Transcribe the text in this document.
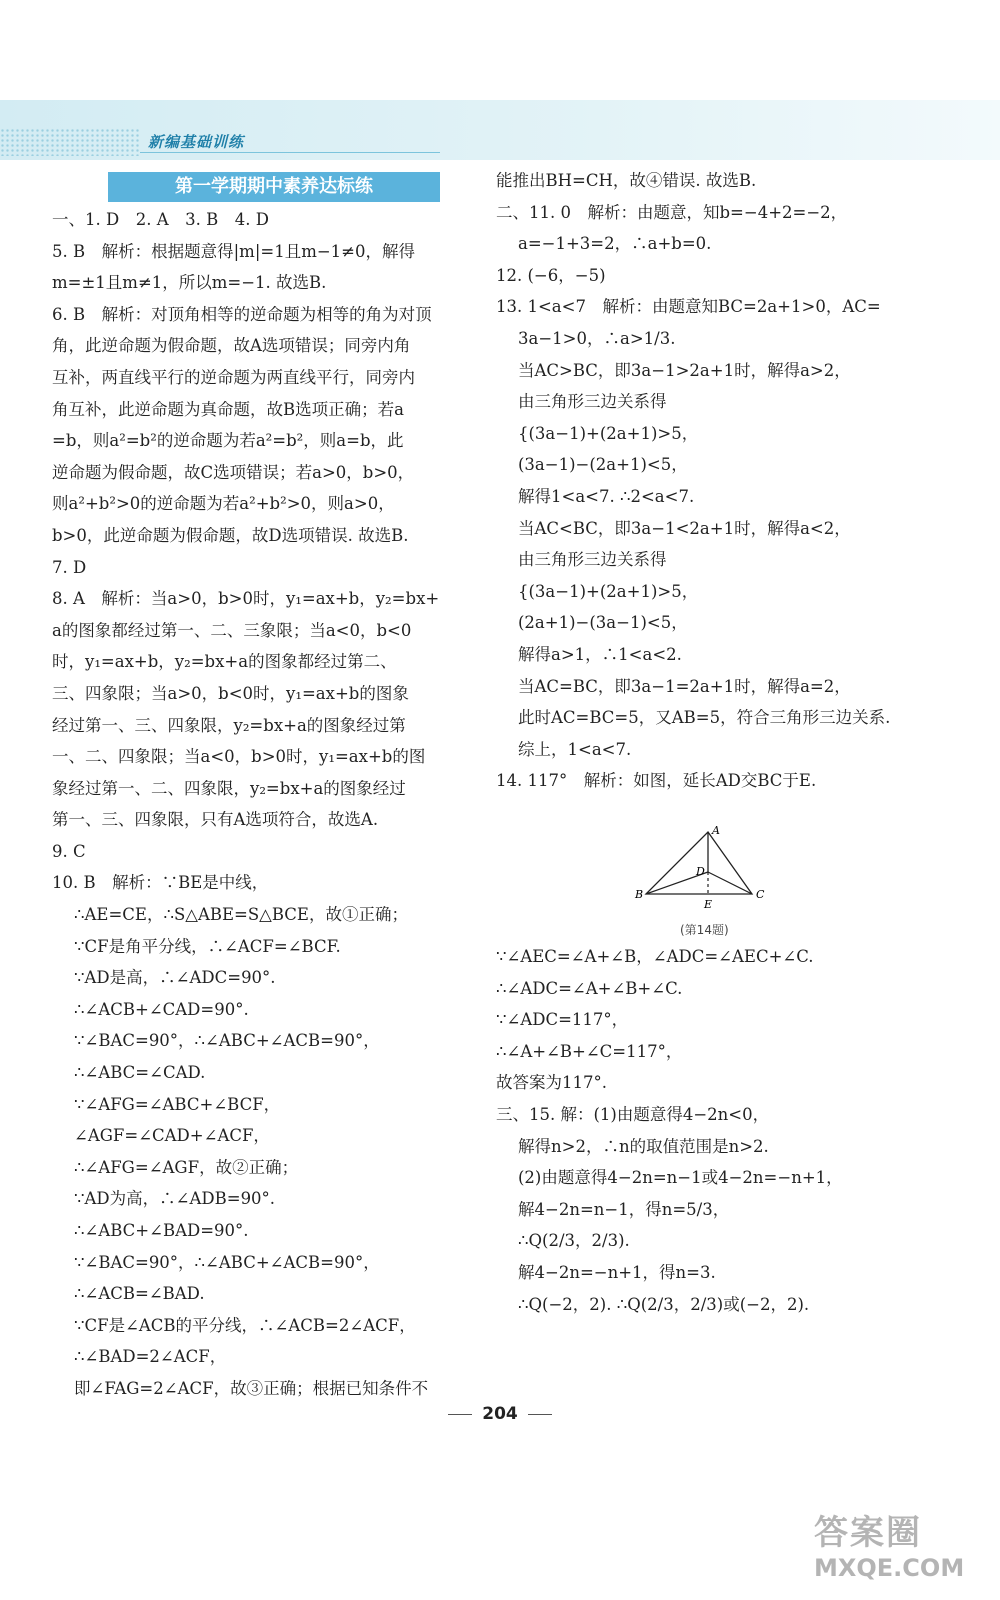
新编基础训练
第一学期期中素养达标练

一、1. D　2. A　3. B　4. D

5. B　解析：根据题意得|m|=1且m−1≠0，解得

m=±1且m≠1，所以m=−1. 故选B.

6. B　解析：对顶角相等的逆命题为相等的角为对顶

角，此逆命题为假命题，故A选项错误；同旁内角

互补，两直线平行的逆命题为两直线平行，同旁内

角互补，此逆命题为真命题，故B选项正确；若a

=b，则a²=b²的逆命题为若a²=b²，则a=b，此

逆命题为假命题，故C选项错误；若a>0，b>0，

则a²+b²>0的逆命题为若a²+b²>0，则a>0，

b>0，此逆命题为假命题，故D选项错误. 故选B.

7. D

8. A　解析：当a>0，b>0时，y₁=ax+b，y₂=bx+

a的图象都经过第一、二、三象限；当a<0，b<0

时，y₁=ax+b，y₂=bx+a的图象都经过第二、

三、四象限；当a>0，b<0时，y₁=ax+b的图象

经过第一、三、四象限，y₂=bx+a的图象经过第

一、二、四象限；当a<0，b>0时，y₁=ax+b的图

象经过第一、二、四象限，y₂=bx+a的图象经过

第一、三、四象限，只有A选项符合，故选A.

9. C

10. B　解析：∵BE是中线，

∴AE=CE，∴S△ABE=S△BCE，故①正确；

∵CF是角平分线，∴∠ACF=∠BCF.

∵AD是高，∴∠ADC=90°.

∴∠ACB+∠CAD=90°.

∵∠BAC=90°，∴∠ABC+∠ACB=90°，

∴∠ABC=∠CAD.

∵∠AFG=∠ABC+∠BCF，

∠AGF=∠CAD+∠ACF，

∴∠AFG=∠AGF，故②正确；

∵AD为高，∴∠ADB=90°.

∴∠ABC+∠BAD=90°.

∵∠BAC=90°，∴∠ABC+∠ACB=90°，

∴∠ACB=∠BAD.

∵CF是∠ACB的平分线，∴∠ACB=2∠ACF，

∴∠BAD=2∠ACF，

即∠FAG=2∠ACF，故③正确；根据已知条件不

能推出BH=CH，故④错误. 故选B.

二、11. 0　解析：由题意，知b=−4+2=−2，

a=−1+3=2，∴a+b=0.

12. (−6，−5)

13. 1<a<7　解析：由题意知BC=2a+1>0，AC=

3a−1>0，∴a>1/3.

当AC>BC，即3a−1>2a+1时，解得a>2，

由三角形三边关系得

{(3a−1)+(2a+1)>5，

(3a−1)−(2a+1)<5，

解得1<a<7. ∴2<a<7.

当AC<BC，即3a−1<2a+1时，解得a<2，

由三角形三边关系得

{(3a−1)+(2a+1)>5，

(2a+1)−(3a−1)<5，

解得a>1，∴1<a<2.

当AC=BC，即3a−1=2a+1时，解得a=2，

此时AC=BC=5，又AB=5，符合三角形三边关系.

综上，1<a<7.

14. 117°　解析：如图，延长AD交BC于E.

A
B	C
D
E
(第14题)

∵∠AEC=∠A+∠B，∠ADC=∠AEC+∠C.

∴∠ADC=∠A+∠B+∠C.

∵∠ADC=117°，

∴∠A+∠B+∠C=117°，

故答案为117°.

三、15. 解：(1)由题意得4−2n<0，

解得n>2，∴n的取值范围是n>2.

(2)由题意得4−2n=n−1或4−2n=−n+1，

解4−2n=n−1，得n=5/3，

∴Q(2/3，2/3).

解4−2n=−n+1，得n=3.

∴Q(−2，2). ∴Q(2/3，2/3)或(−2，2).

204
答案圈
MXQE.COM
